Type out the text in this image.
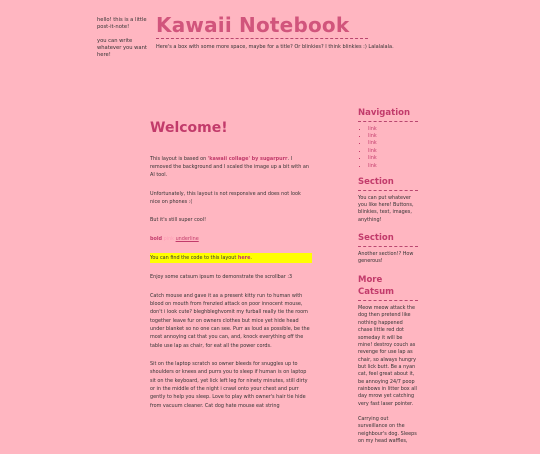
hello! this is a little post-it-note!

you can write whatever you want here!

Kawaii Notebook
Here's a box with some more space, maybe for a title? Or blinkies? I think blinkies :) Lalalalala.
Welcome!

This layout is based on 'kawaii collage' by sugarpurr. I removed the background and I scaled the image up a bit with an AI tool.

Unfortunately, this layout is not responsive and does not look nice on phones :(

But it's still super cool!

bold pink underline

You can find the code to this layout here.

Enjoy some catsum ipsum to demonstrate the scrollbar :3

Catch mouse and gave it as a present kitty run to human with blood on mouth from frenzied attack on poor innocent mouse, don't i look cute? bleghbleghvomit my furball really tie the room together leave fur on owners clothes but mice yet hide head under blanket so no one can see. Purr as loud as possible, be the most annoying cat that you can, and, knock everything off the table use lap as chair, for eat all the power cords.

Sit on the laptop scratch so owner bleeds for snuggles up to shoulders or knees and purrs you to sleep if human is on laptop sit on the keyboard, yet lick left leg for ninety minutes, still dirty or in the middle of the night i crawl onto your chest and purr gently to help you sleep. Love to play with owner's hair tie hide from vacuum cleaner. Cat dog hate mouse eat string

Navigation
▪ link
▪ link
▪ link
▪ link
▪ link
▪ link
Section

You can put whatever you like here! Buttons, blinkies, text, images, anything!

Section

Another section!? How generous!

More Catsum

Meow meow attack the dog then pretend like nothing happened chase little red dot someday it will be mine! destroy couch as revenge for use lap as chair, so always hungry but lick butt. Be a nyan cat, feel great about it, be annoying 24/7 poop rainbows in litter box all day mrow yet catching very fast laser pointer.

Carrying out surveillance on the neighbour's dog. Sleeps on my head waffles,
